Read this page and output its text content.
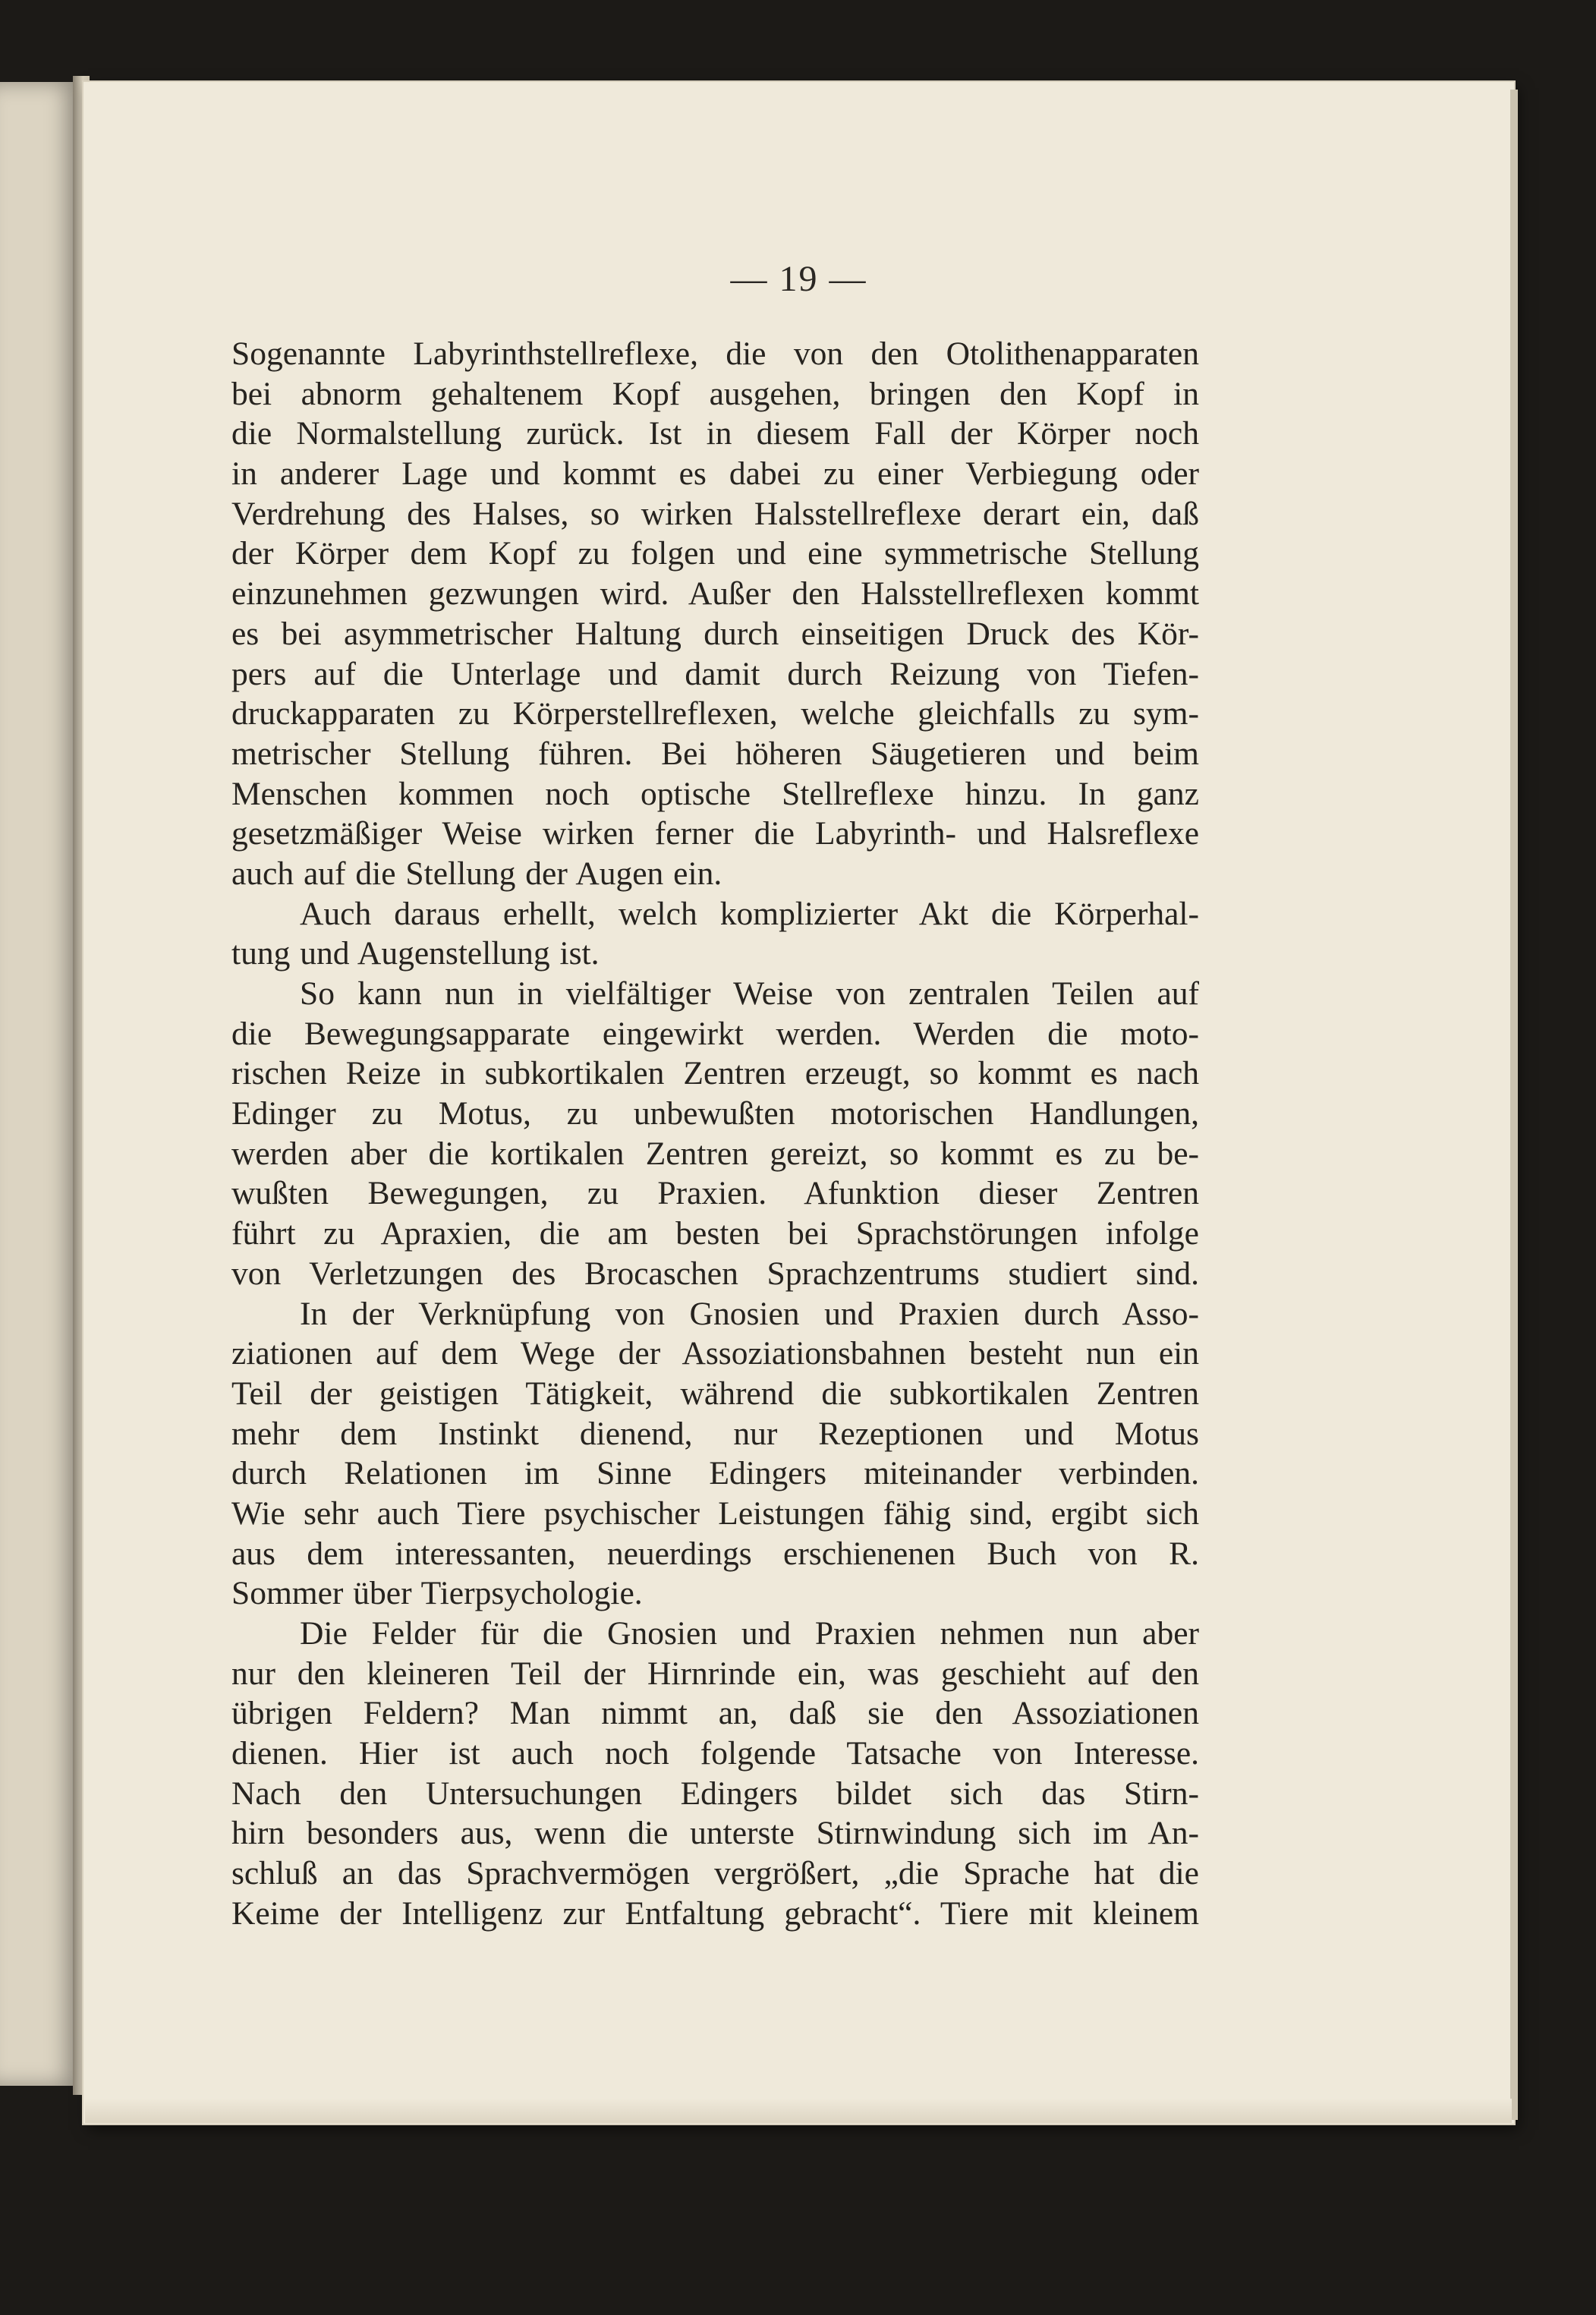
— 19 —
Sogenannte Labyrinthstellreflexe, die von den Otolithenapparaten
bei abnorm gehaltenem Kopf ausgehen, bringen den Kopf in
die Normalstellung zurück. Ist in diesem Fall der Körper noch
in anderer Lage und kommt es dabei zu einer Verbiegung oder
Verdrehung des Halses, so wirken Halsstellreflexe derart ein, daß
der Körper dem Kopf zu folgen und eine symmetrische Stellung
einzunehmen gezwungen wird. Außer den Halsstellreflexen kommt
es bei asymmetrischer Haltung durch einseitigen Druck des Kör-
pers auf die Unterlage und damit durch Reizung von Tiefen-
druckapparaten zu Körperstellreflexen, welche gleichfalls zu sym-
metrischer Stellung führen. Bei höheren Säugetieren und beim
Menschen kommen noch optische Stellreflexe hinzu. In ganz
gesetzmäßiger Weise wirken ferner die Labyrinth- und Halsreflexe
auch auf die Stellung der Augen ein.
Auch daraus erhellt, welch komplizierter Akt die Körperhal-
tung und Augenstellung ist.
So kann nun in vielfältiger Weise von zentralen Teilen auf
die Bewegungsapparate eingewirkt werden. Werden die moto-
rischen Reize in subkortikalen Zentren erzeugt, so kommt es nach
Edinger zu Motus, zu unbewußten motorischen Handlungen,
werden aber die kortikalen Zentren gereizt, so kommt es zu be-
wußten Bewegungen, zu Praxien. Afunktion dieser Zentren
führt zu Apraxien, die am besten bei Sprachstörungen infolge
von Verletzungen des Brocaschen Sprachzentrums studiert sind.
In der Verknüpfung von Gnosien und Praxien durch Asso-
ziationen auf dem Wege der Assoziationsbahnen besteht nun ein
Teil der geistigen Tätigkeit, während die subkortikalen Zentren
mehr dem Instinkt dienend, nur Rezeptionen und Motus
durch Relationen im Sinne Edingers miteinander verbinden.
Wie sehr auch Tiere psychischer Leistungen fähig sind, ergibt sich
aus dem interessanten, neuerdings erschienenen Buch von R.
Sommer über Tierpsychologie.
Die Felder für die Gnosien und Praxien nehmen nun aber
nur den kleineren Teil der Hirnrinde ein, was geschieht auf den
übrigen Feldern? Man nimmt an, daß sie den Assoziationen
dienen. Hier ist auch noch folgende Tatsache von Interesse.
Nach den Untersuchungen Edingers bildet sich das Stirn-
hirn besonders aus, wenn die unterste Stirnwindung sich im An-
schluß an das Sprachvermögen vergrößert, „die Sprache hat die
Keime der Intelligenz zur Entfaltung gebracht“. Tiere mit kleinem
